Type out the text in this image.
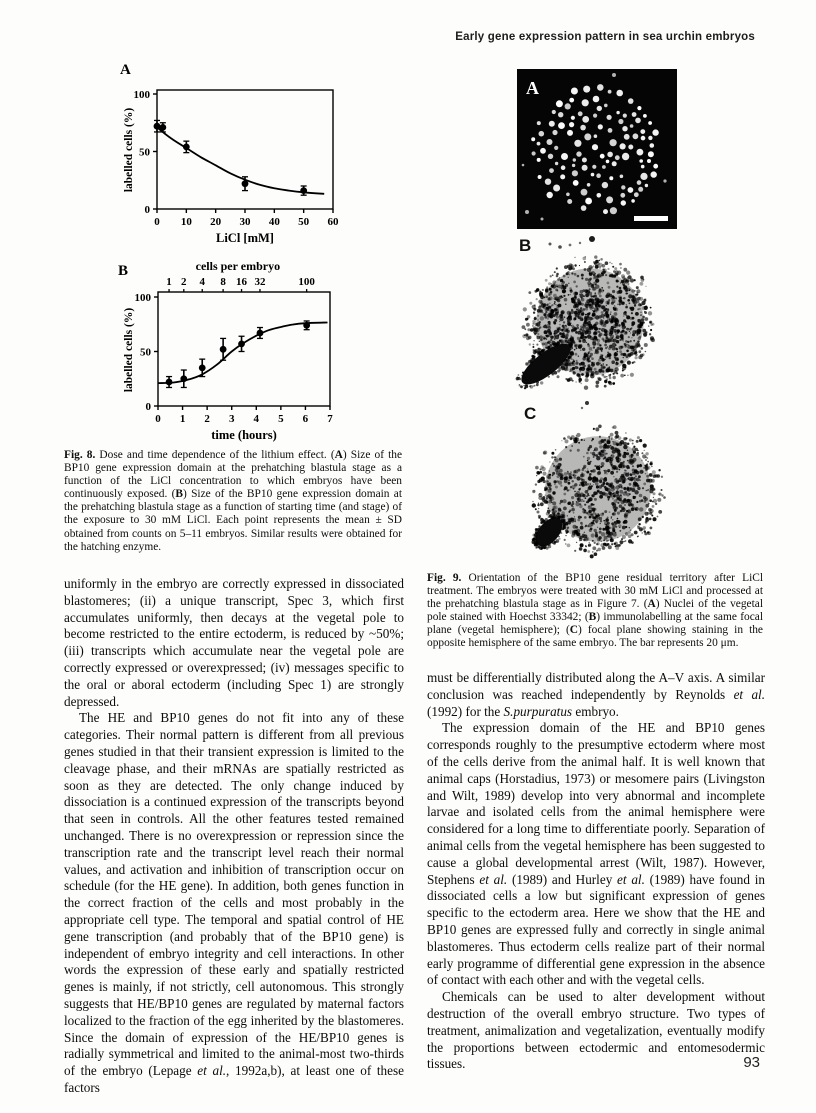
Early gene expression pattern in sea urchin embryos
A
0 10 20 30 40 50 60
LiCl [mM]
0
50
100
labelled cells (%)
B
0 1 2 3 4 5 6 7
time (hours)
0
50
100
labelled cells (%)
cells per embryo
1 2 4 8 16 32	100
Fig. 8. Dose and time dependence of the lithium effect. (A) Size of the BP10 gene expression domain at the prehatching blastula stage as a function of the LiCl concentration to which embryos have been continuously exposed. (B) Size of the BP10 gene expression domain at the prehatching blastula stage as a function of starting time (and stage) of the exposure to 30 mM LiCl. Each point represents the mean ± SD obtained from counts on 5–11 embryos. Similar results were obtained for the hatching enzyme.
A
B
C
Fig. 9. Orientation of the BP10 gene residual territory after LiCl treatment. The embryos were treated with 30 mM LiCl and processed at the prehatching blastula stage as in Figure 7. (A) Nuclei of the vegetal pole stained with Hoechst 33342; (B) immunolabelling at the same focal plane (vegetal hemisphere); (C) focal plane showing staining in the opposite hemisphere of the same embryo. The bar represents 20 μm.

uniformly in the embryo are correctly expressed in dissociated blastomeres; (ii) a unique transcript, Spec 3, which first accumulates uniformly, then decays at the vegetal pole to become restricted to the entire ectoderm, is reduced by ~50%; (iii) transcripts which accumulate near the vegetal pole are correctly expressed or overexpressed; (iv) messages specific to the oral or aboral ectoderm (including Spec 1) are strongly depressed.

The HE and BP10 genes do not fit into any of these categories. Their normal pattern is different from all previous genes studied in that their transient expression is limited to the cleavage phase, and their mRNAs are spatially restricted as soon as they are detected. The only change induced by dissociation is a continued expression of the transcripts beyond that seen in controls. All the other features tested remained unchanged. There is no overexpression or repression since the transcription rate and the transcript level reach their normal values, and activation and inhibition of transcription occur on schedule (for the HE gene). In addition, both genes function in the correct fraction of the cells and most probably in the appropriate cell type. The temporal and spatial control of HE gene transcription (and probably that of the BP10 gene) is independent of embryo integrity and cell interactions. In other words the expression of these early and spatially restricted genes is mainly, if not strictly, cell autonomous. This strongly suggests that HE/BP10 genes are regulated by maternal factors localized to the fraction of the egg inherited by the blastomeres. Since the domain of expression of the HE/BP10 genes is radially symmetrical and limited to the animal-most two-thirds of the embryo (Lepage et al., 1992a,b), at least one of these factors

must be differentially distributed along the A–V axis. A similar conclusion was reached independently by Reynolds et al. (1992) for the S.purpuratus embryo.

The expression domain of the HE and BP10 genes corresponds roughly to the presumptive ectoderm where most of the cells derive from the animal half. It is well known that animal caps (Horstadius, 1973) or mesomere pairs (Livingston and Wilt, 1989) develop into very abnormal and incomplete larvae and isolated cells from the animal hemisphere were considered for a long time to differentiate poorly. Separation of animal cells from the vegetal hemisphere has been suggested to cause a global developmental arrest (Wilt, 1987). However, Stephens et al. (1989) and Hurley et al. (1989) have found in dissociated cells a low but significant expression of genes specific to the ectoderm area. Here we show that the HE and BP10 genes are expressed fully and correctly in single animal blastomeres. Thus ectoderm cells realize part of their normal early programme of differential gene expression in the absence of contact with each other and with the vegetal cells.

Chemicals can be used to alter development without destruction of the overall embryo structure. Two types of treatment, animalization and vegetalization, eventually modify the proportions between ectodermic and entomesodermic tissues.	93
